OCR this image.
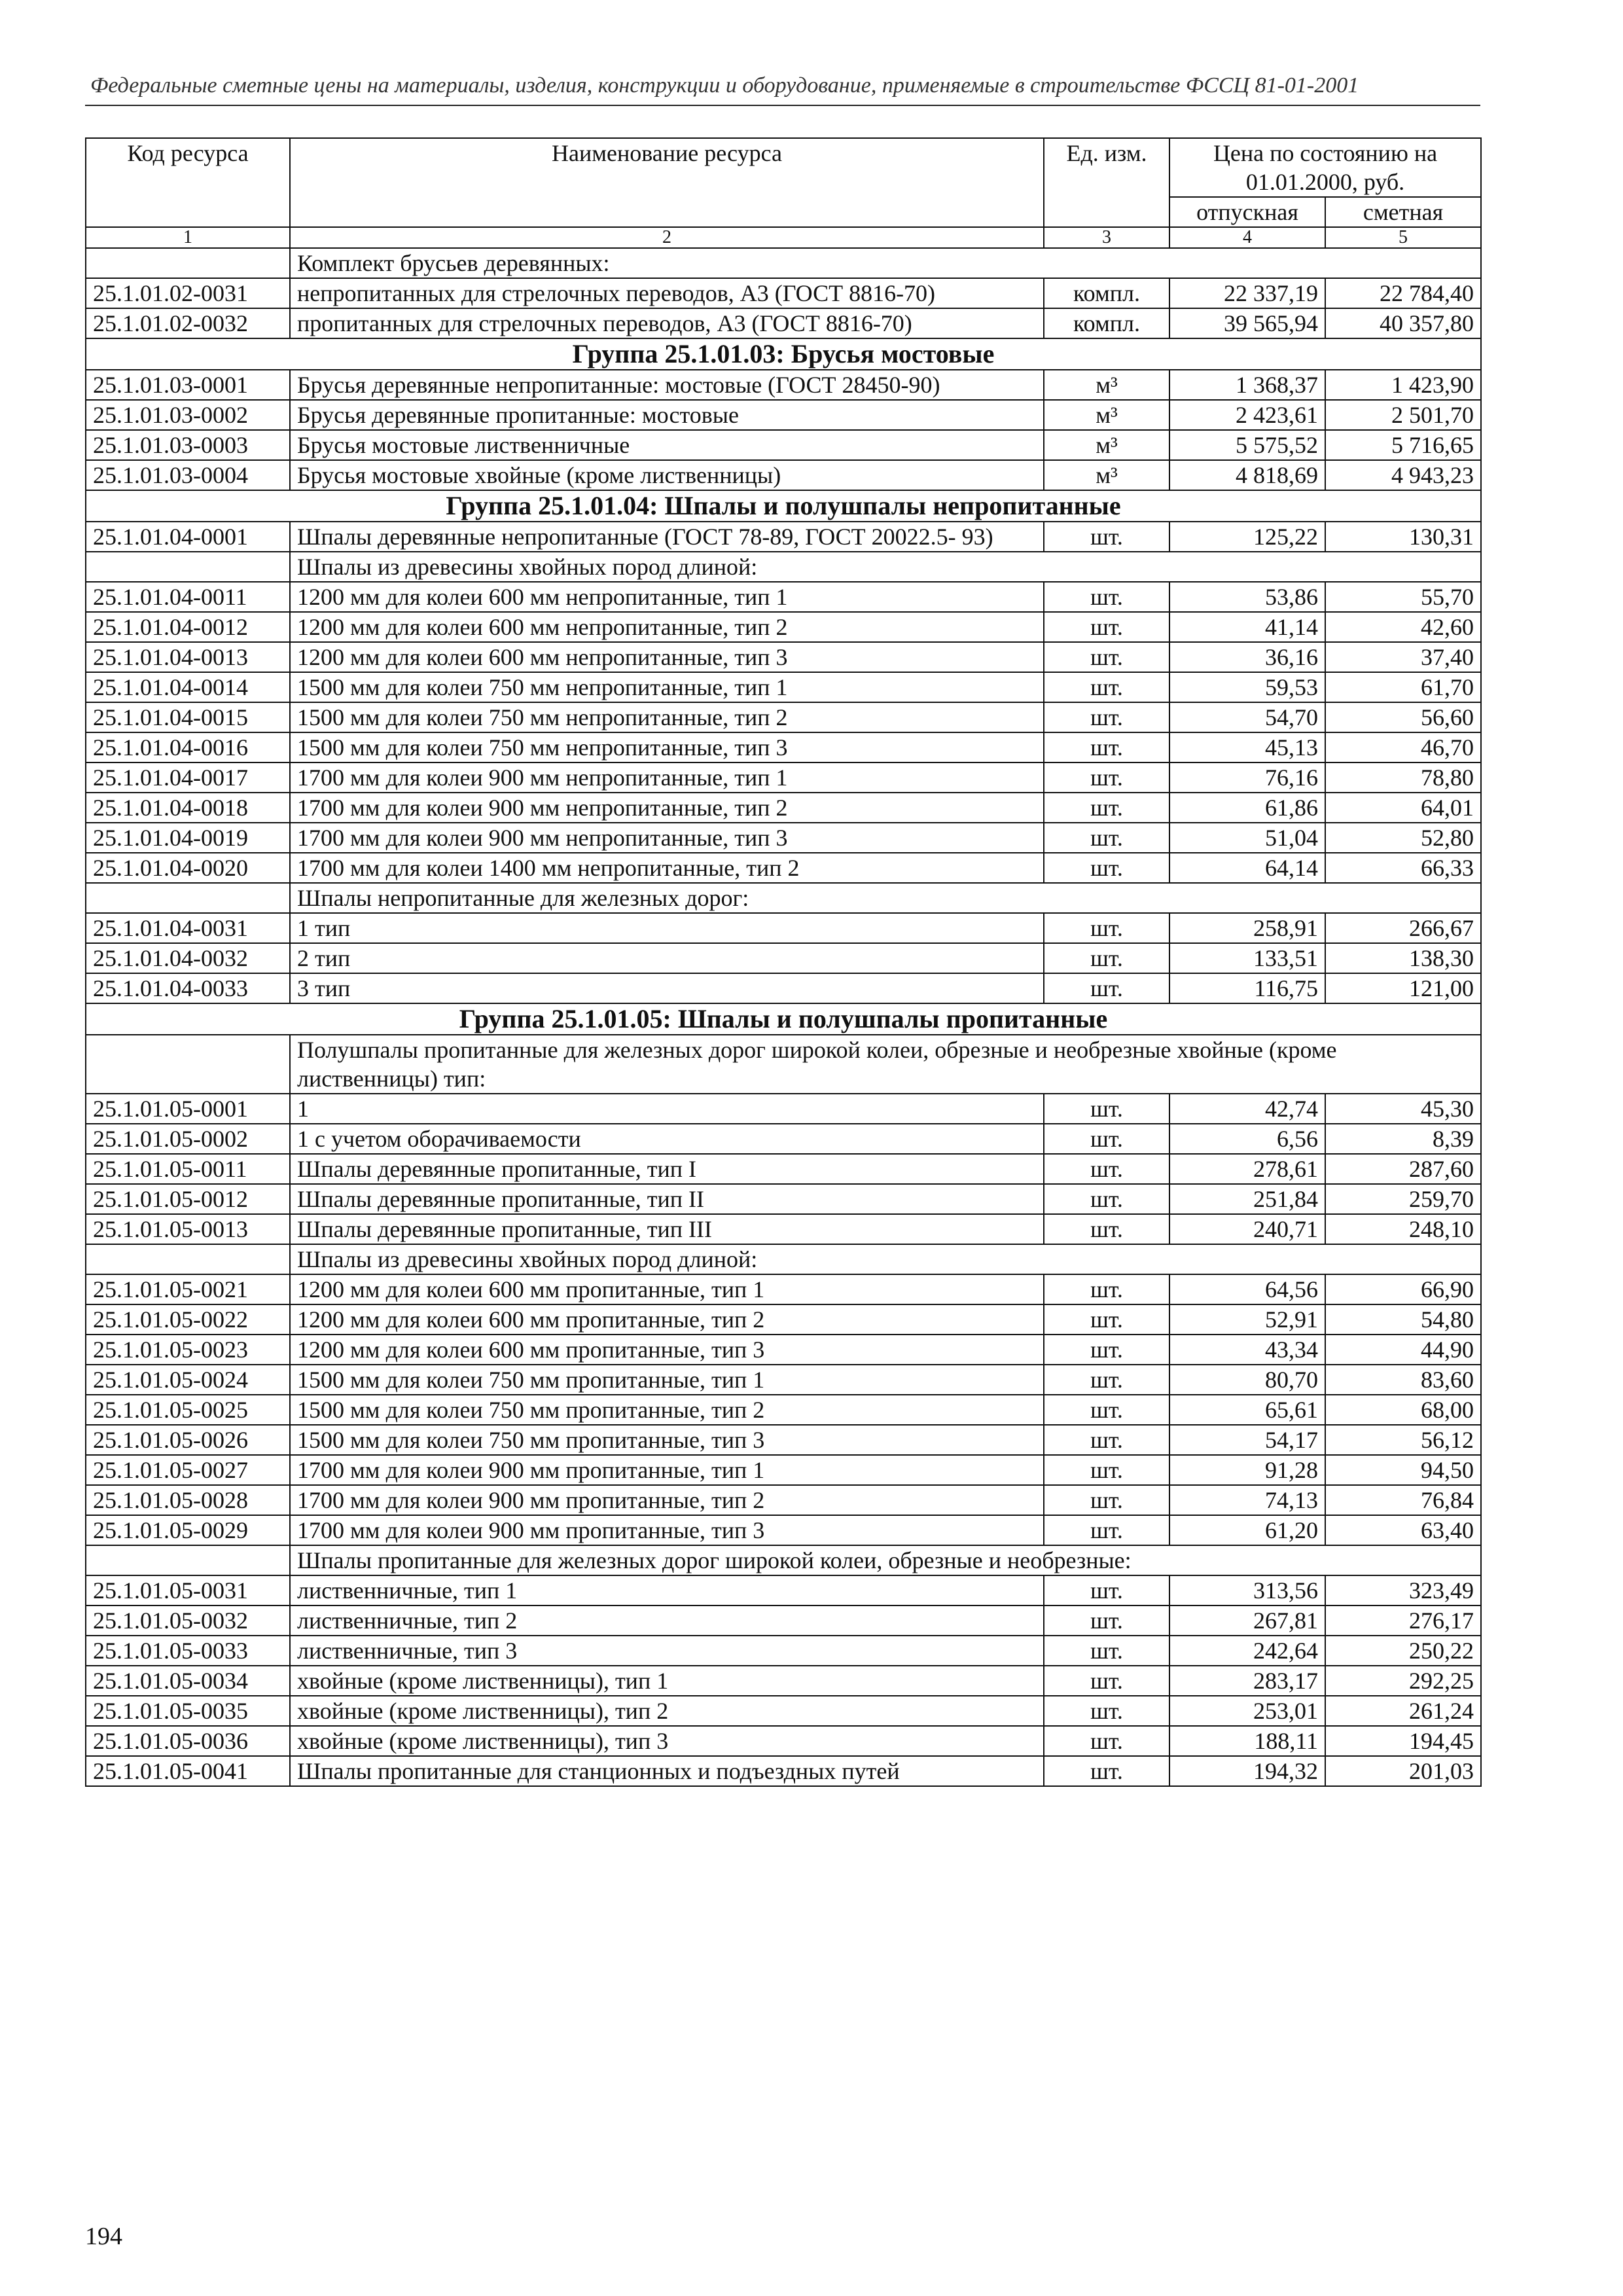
Федеральные сметные цены на материалы, изделия, конструкции и оборудование, применяемые в строительстве ФССЦ 81-01-2001
Код ресурса	Наименование ресурса	Ед. изм.	Цена по состоянию на 01.01.2000, руб.	
			отпускная	сметная
1	2	3	4	5
	Комплект брусьев деревянных:			
25.1.01.02-0031	непропитанных для стрелочных переводов, А3 (ГОСТ 8816-70)	компл.	22 337,19	22 784,40
25.1.01.02-0032	пропитанных для стрелочных переводов, А3 (ГОСТ 8816-70)	компл.	39 565,94	40 357,80
Группа 25.1.01.03: Брусья мостовые				
25.1.01.03-0001	Брусья деревянные непропитанные: мостовые (ГОСТ 28450-90)	м³	1 368,37	1 423,90
25.1.01.03-0002	Брусья деревянные пропитанные: мостовые	м³	2 423,61	2 501,70
25.1.01.03-0003	Брусья мостовые лиственничные	м³	5 575,52	5 716,65
25.1.01.03-0004	Брусья мостовые хвойные (кроме лиственницы)	м³	4 818,69	4 943,23
Группа 25.1.01.04: Шпалы и полушпалы непропитанные				
25.1.01.04-0001	Шпалы деревянные непропитанные (ГОСТ 78-89, ГОСТ 20022.5- 93)	шт.	125,22	130,31
	Шпалы из древесины хвойных пород длиной:			
25.1.01.04-0011	1200 мм для колеи 600 мм непропитанные, тип 1	шт.	53,86	55,70
25.1.01.04-0012	1200 мм для колеи 600 мм непропитанные, тип 2	шт.	41,14	42,60
25.1.01.04-0013	1200 мм для колеи 600 мм непропитанные, тип 3	шт.	36,16	37,40
25.1.01.04-0014	1500 мм для колеи 750 мм непропитанные, тип 1	шт.	59,53	61,70
25.1.01.04-0015	1500 мм для колеи 750 мм непропитанные, тип 2	шт.	54,70	56,60
25.1.01.04-0016	1500 мм для колеи 750 мм непропитанные, тип 3	шт.	45,13	46,70
25.1.01.04-0017	1700 мм для колеи 900 мм непропитанные, тип 1	шт.	76,16	78,80
25.1.01.04-0018	1700 мм для колеи 900 мм непропитанные, тип 2	шт.	61,86	64,01
25.1.01.04-0019	1700 мм для колеи 900 мм непропитанные, тип 3	шт.	51,04	52,80
25.1.01.04-0020	1700 мм для колеи 1400 мм непропитанные, тип 2	шт.	64,14	66,33
	Шпалы непропитанные для железных дорог:			
25.1.01.04-0031	1 тип	шт.	258,91	266,67
25.1.01.04-0032	2 тип	шт.	133,51	138,30
25.1.01.04-0033	3 тип	шт.	116,75	121,00
Группа 25.1.01.05: Шпалы и полушпалы пропитанные				
	Полушпалы пропитанные для железных дорог широкой колеи, обрезные и необрезные хвойные (кроме лиственницы) тип:			
25.1.01.05-0001	1	шт.	42,74	45,30
25.1.01.05-0002	1 с учетом оборачиваемости	шт.	6,56	8,39
25.1.01.05-0011	Шпалы деревянные пропитанные, тип I	шт.	278,61	287,60
25.1.01.05-0012	Шпалы деревянные пропитанные, тип II	шт.	251,84	259,70
25.1.01.05-0013	Шпалы деревянные пропитанные, тип III	шт.	240,71	248,10
	Шпалы из древесины хвойных пород длиной:			
25.1.01.05-0021	1200 мм для колеи 600 мм пропитанные, тип 1	шт.	64,56	66,90
25.1.01.05-0022	1200 мм для колеи 600 мм пропитанные, тип 2	шт.	52,91	54,80
25.1.01.05-0023	1200 мм для колеи 600 мм пропитанные, тип 3	шт.	43,34	44,90
25.1.01.05-0024	1500 мм для колеи 750 мм пропитанные, тип 1	шт.	80,70	83,60
25.1.01.05-0025	1500 мм для колеи 750 мм пропитанные, тип 2	шт.	65,61	68,00
25.1.01.05-0026	1500 мм для колеи 750 мм пропитанные, тип 3	шт.	54,17	56,12
25.1.01.05-0027	1700 мм для колеи 900 мм пропитанные, тип 1	шт.	91,28	94,50
25.1.01.05-0028	1700 мм для колеи 900 мм пропитанные, тип 2	шт.	74,13	76,84
25.1.01.05-0029	1700 мм для колеи 900 мм пропитанные, тип 3	шт.	61,20	63,40
	Шпалы пропитанные для железных дорог широкой колеи, обрезные и необрезные:			
25.1.01.05-0031	лиственничные, тип 1	шт.	313,56	323,49
25.1.01.05-0032	лиственничные, тип 2	шт.	267,81	276,17
25.1.01.05-0033	лиственничные, тип 3	шт.	242,64	250,22
25.1.01.05-0034	хвойные (кроме лиственницы), тип 1	шт.	283,17	292,25
25.1.01.05-0035	хвойные (кроме лиственницы), тип 2	шт.	253,01	261,24
25.1.01.05-0036	хвойные (кроме лиственницы), тип 3	шт.	188,11	194,45
25.1.01.05-0041	Шпалы пропитанные для станционных и подъездных путей	шт.	194,32	201,03
194
